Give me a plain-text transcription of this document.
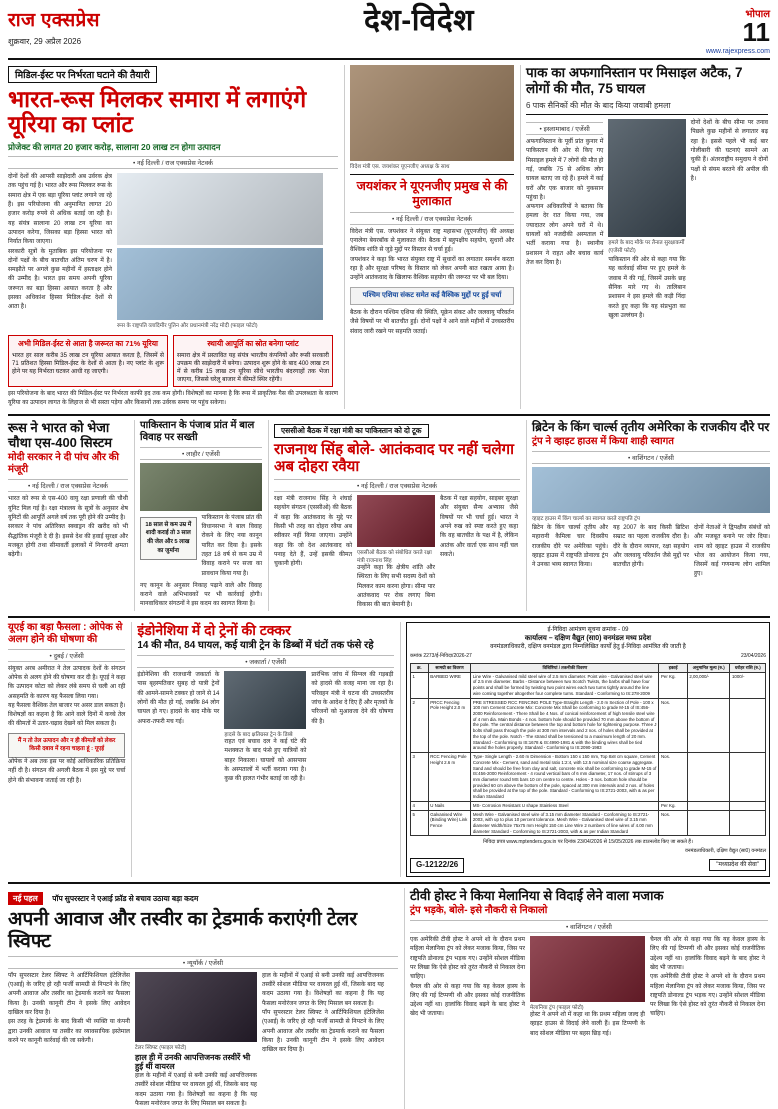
राज एक्सप्रेस
शुक्रवार, 29 अप्रैल 2026
देश-विदेश	भोपाल
11
www.rajexpress.com
मिडिल-ईस्ट पर निर्भरता घटाने की तैयारी
भारत-रूस मिलकर समारा में लगाएंगे यूरिया का प्लांट
प्रोजेक्ट की लागत 20 हजार करोड़, सालाना 20 लाख टन होगा उत्पादन
• नई दिल्ली / राज एक्सप्रेस नेटवर्क
दोनों देशों की आपसी साझेदारी अब उर्वरक क्षेत्र तक पहुंच गई है। भारत और रूस मिलकर रूस के समारा क्षेत्र में एक बड़ा यूरिया प्लांट लगाने जा रहे हैं। इस परियोजना की अनुमानित लागत 20 हजार करोड़ रुपये से अधिक बताई जा रही है। यह संयंत्र सालाना 20 लाख टन यूरिया का उत्पादन करेगा, जिसका बड़ा हिस्सा भारत को निर्यात किया जाएगा।
सरकारी सूत्रों के मुताबिक इस परियोजना पर दोनों पक्षों के बीच बातचीत अंतिम चरण में है। समझौते पर अगले कुछ महीनों में हस्ताक्षर होने की उम्मीद है। भारत इस समय अपनी यूरिया जरूरत का बड़ा हिस्सा आयात करता है और इसका अधिकांश हिस्सा मिडिल-ईस्ट देशों से आता है।
रूस के राष्ट्रपति व्लादिमीर पुतिन और प्रधानमंत्री नरेंद्र मोदी (फाइल फोटो)
अभी मिडिल-ईस्ट से आता है जरूरत का 71% यूरिया
भारत हर साल करीब 35 लाख टन यूरिया आयात करता है, जिसमें से 71 प्रतिशत हिस्सा मिडिल-ईस्ट के देशों से आता है। नए प्लांट के शुरू होने पर यह निर्भरता घटकर आधी रह जाएगी।
स्थायी आपूर्ति का स्रोत बनेगा प्लांट
समारा क्षेत्र में प्रस्तावित यह संयंत्र भारतीय कंपनियों और रूसी सरकारी उपक्रम की साझेदारी में बनेगा। उत्पादन शुरू होने के बाद 400 लाख टन में से करीब 15 लाख टन यूरिया सीधे भारतीय बंदरगाहों तक भेजा जाएगा, जिससे घरेलू बाजार में कीमतें स्थिर रहेंगी।
इस परियोजना के बाद भारत की मिडिल-ईस्ट पर निर्भरता काफी हद तक कम होगी। विशेषज्ञों का मानना है कि रूस में प्राकृतिक गैस की उपलब्धता के कारण यूरिया का उत्पादन लागत के लिहाज से भी सस्ता पड़ेगा और किसानों तक उर्वरक समय पर पहुंच सकेगा।
विदेश मंत्री एस. जयशंकर यूएनजीए अध्यक्ष के साथ
जयशंकर ने यूएनजीए प्रमुख से की मुलाकात
• नई दिल्ली / राज एक्सप्रेस नेटवर्क
विदेश मंत्री एस. जयशंकर ने संयुक्त राष्ट्र महासभा (यूएनजीए) की अध्यक्ष एनालेना बेयरबॉक से मुलाकात की। बैठक में बहुपक्षीय सहयोग, सुधारों और वैश्विक शांति से जुड़े मुद्दों पर विस्तार से चर्चा हुई।
जयशंकर ने कहा कि भारत संयुक्त राष्ट्र में सुधारों का लगातार समर्थन करता रहा है और सुरक्षा परिषद के विस्तार को लेकर अपनी बात रखता आया है। उन्होंने आतंकवाद के खिलाफ वैश्विक सहयोग की जरूरत पर भी बल दिया।
पश्चिम एशिया संकट समेत कई वैश्विक मुद्दों पर हुई चर्चा
बैठक के दौरान पश्चिम एशिया की स्थिति, यूक्रेन संकट और जलवायु परिवर्तन जैसे विषयों पर भी बातचीत हुई। दोनों पक्षों ने आने वाले महीनों में उच्चस्तरीय संवाद जारी रखने पर सहमति जताई।
पाक का अफगानिस्तान पर मिसाइल अटैक, 7 लोगों की मौत, 75 घायल
6 पाक सैनिकों की मौत के बाद किया जवाबी हमला
• इस्लामाबाद / एजेंसी
अफगानिस्तान के पूर्वी प्रांत कुनार में पाकिस्तान की ओर से किए गए मिसाइल हमले में 7 लोगों की मौत हो गई, जबकि 75 से अधिक लोग घायल बताए जा रहे हैं। हमले में कई घरों और एक बाजार को नुकसान पहुंचा है।
अफगान अधिकारियों ने बताया कि हमला देर रात किया गया, जब ज्यादातर लोग अपने घरों में थे। घायलों को नजदीकी अस्पताल में भर्ती कराया गया है। स्थानीय प्रशासन ने राहत और बचाव कार्य तेज कर दिया है।
हमले के बाद मौके पर तैनात सुरक्षाकर्मी (एजेंसी फोटो)
पाकिस्तान की ओर से कहा गया कि यह कार्रवाई सीमा पर हुए हमले के जवाब में की गई, जिसमें उसके छह सैनिक मारे गए थे। तालिबान प्रशासन ने इस हमले की कड़ी निंदा करते हुए कहा कि यह संप्रभुता का खुला उल्लंघन है।
दोनों देशों के बीच सीमा पर तनाव पिछले कुछ महीनों से लगातार बढ़ रहा है। इससे पहले भी कई बार गोलीबारी की घटनाएं सामने आ चुकी हैं। अंतरराष्ट्रीय समुदाय ने दोनों पक्षों से संयम बरतने की अपील की है।
रूस ने भारत को भेजा चौथा एस-400 सिस्टम
मोदी सरकार ने दी पांच और की मंजूरी
• नई दिल्ली / राज एक्सप्रेस नेटवर्क
भारत को रूस से एस-400 वायु रक्षा प्रणाली की चौथी यूनिट मिल गई है। रक्षा मंत्रालय के सूत्रों के अनुसार शेष यूनिटों की आपूर्ति अगले वर्ष तक पूरी होने की उम्मीद है।
सरकार ने पांच अतिरिक्त स्क्वाड्रन की खरीद को भी सैद्धांतिक मंजूरी दे दी है। इससे देश की हवाई सुरक्षा और मजबूत होगी तथा सीमावर्ती इलाकों में निगरानी क्षमता बढ़ेगी।
पाकिस्तान के पंजाब प्रांत में बाल विवाह पर सख्ती
• लाहौर / एजेंसी
18 साल से कम उम्र में शादी कराई तो 3 साल की जेल और 5 लाख का जुर्माना
पाकिस्तान के पंजाब प्रांत की विधानसभा ने बाल विवाह रोकने के लिए नया कानून पारित कर दिया है। इसके तहत 18 वर्ष से कम उम्र में विवाह कराने पर सजा का प्रावधान किया गया है।
नए कानून के अनुसार निकाह पढ़ाने वाले और विवाह कराने वाले अभिभावकों पर भी कार्रवाई होगी। मानवाधिकार संगठनों ने इस कदम का स्वागत किया है।
एससीओ बैठक में रक्षा मंत्री का पाकिस्तान को दो टूक
राजनाथ सिंह बोले- आतंकवाद पर नहीं चलेगा अब दोहरा रवैया
• नई दिल्ली / राज एक्सप्रेस नेटवर्क
रक्षा मंत्री राजनाथ सिंह ने शंघाई सहयोग संगठन (एससीओ) की बैठक में कहा कि आतंकवाद के मुद्दे पर किसी भी तरह का दोहरा रवैया अब स्वीकार नहीं किया जाएगा। उन्होंने कहा कि जो देश आतंकवाद को पनाह देते हैं, उन्हें इसकी कीमत चुकानी होगी।
एससीओ बैठक को संबोधित करते रक्षा मंत्री राजनाथ सिंह
उन्होंने कहा कि क्षेत्रीय शांति और स्थिरता के लिए सभी सदस्य देशों को मिलकर काम करना होगा। सीमा पार आतंकवाद पर रोक लगाए बिना विकास की बात बेमानी है।
बैठक में रक्षा सहयोग, साइबर सुरक्षा और संयुक्त सैन्य अभ्यास जैसे विषयों पर भी चर्चा हुई। भारत ने अपने रुख को स्पष्ट करते हुए कहा कि वह बातचीत के पक्ष में है, लेकिन आतंक और वार्ता एक साथ नहीं चल सकते।
ब्रिटेन के किंग चार्ल्स तृतीय अमेरिका के राजकीय दौरे पर
ट्रंप ने व्हाइट हाउस में किया शाही स्वागत
• वाशिंगटन / एजेंसी
व्हाइट हाउस में किंग चार्ल्स का स्वागत करते राष्ट्रपति ट्रंप
ब्रिटेन के किंग चार्ल्स तृतीय और महारानी कैमिला चार दिवसीय राजकीय दौरे पर अमेरिका पहुंचे। व्हाइट हाउस में राष्ट्रपति डोनाल्ड ट्रंप ने उनका भव्य स्वागत किया।
यह 2007 के बाद किसी ब्रिटिश सम्राट का पहला राजकीय दौरा है। दौरे के दौरान व्यापार, रक्षा सहयोग और जलवायु परिवर्तन जैसे मुद्दों पर बातचीत होगी।
दोनों नेताओं ने द्विपक्षीय संबंधों को और मजबूत बनाने पर जोर दिया। शाम को व्हाइट हाउस में राजकीय भोज का आयोजन किया गया, जिसमें कई गणमान्य लोग शामिल हुए।
यूएई का बड़ा फैसला : ओपेक से अलग होने की घोषणा की
• दुबई / एजेंसी
संयुक्त अरब अमीरात ने तेल उत्पादक देशों के संगठन ओपेक से अलग होने की घोषणा कर दी है। यूएई ने कहा कि उत्पादन कोटा को लेकर लंबे समय से चली आ रही असहमति के कारण यह फैसला लिया गया।
यह फैसला वैश्विक तेल बाजार पर असर डाल सकता है। विशेषज्ञों का कहना है कि आने वाले दिनों में कच्चे तेल की कीमतों में उतार-चढ़ाव देखने को मिल सकता है।
मैं न तो तेल उत्पादन और न ही कीमतों को लेकर किसी दबाव में रहना चाहता हूं : यूएई
ओपेक ने अब तक इस पर कोई आधिकारिक प्रतिक्रिया नहीं दी है। संगठन की अगली बैठक में इस मुद्दे पर चर्चा होने की संभावना जताई जा रही है।
इंडोनेशिया में दो ट्रेनों की टक्कर
14 की मौत, 84 घायल, कई यात्री ट्रेन के डिब्बों में घंटों तक फंसे रहे
• जकार्ता / एजेंसी
इंडोनेशिया की राजधानी जकार्ता के पास बृहस्पतिवार सुबह दो यात्री ट्रेनों की आमने-सामने टक्कर हो जाने से 14 लोगों की मौत हो गई, जबकि 84 लोग घायल हो गए। हादसे के बाद मौके पर अफरा-तफरी मच गई।
हादसे के बाद क्षतिग्रस्त ट्रेन के डिब्बे
राहत एवं बचाव दल ने कई घंटे की मशक्कत के बाद फंसे हुए यात्रियों को बाहर निकाला। घायलों को आसपास के अस्पतालों में भर्ती कराया गया है। कुछ की हालत गंभीर बताई जा रही है।
प्रारंभिक जांच में सिग्नल की गड़बड़ी को हादसे की वजह माना जा रहा है। परिवहन मंत्री ने घटना की उच्चस्तरीय जांच के आदेश दे दिए हैं और मृतकों के परिजनों को मुआवजा देने की घोषणा की है।
ई-निविदा आमंत्रण सूचना क्रमांक - 09
कार्यालय – दक्षिण वैद्युत (सा0) वनमंडल मध्य प्रदेश
वनमंडलाधिकारी, दक्षिण वनमंडल द्वारा निम्नलिखित कार्यों हेतु ई-निविदा आमंत्रित की जाती है
कमांक 2273/ई-निविदा/2026-27	23/04/2026
क्र.	सामग्री का विवरण	विशिष्टियां / तकनीकी विवरण	इकाई	अनुमानित मूल्य (रु.)	धरोहर राशि (रु.)
1	BARBED WIRE	Line Wire - Galvanised mild steel wire of 2.5 mm diameter. Point wire - Galvanised steel wire of 2.5 mm diameter. Barbs - Distance between two Scotch Twists, the barbs shall have four points and shall be formed by twisting two point wires each two turns tightly around the line wire coming together altogether four complete turns. Standard - Conforming to IS:278-2009	Per Kg.	2,00,000/-	1000/-
2	PRCC Fencing Pole Height 2.0 m	PRE STRESSED RCC FENCING POLE Type-Straight Length - 2.0 m Section of Pole - 100 x 100 mm Cement Concrete Mix: Concrete Mix Shall be conforming to grade M-15 of IS:456-2000 Reinforcement - There Shall be 4 Nos. of conical reinforcement of high tensile steel wire of 4 mm dia. Main Bonds - 4 nos. bottom hole should be provided 70 mm above the bottom of the pole. The central distance between the top and bottom hole for tightening purpose. Three J bolts shall pass through the pole at 300 mm intervals and 2 nos. of holes shall be provided at the top of the pole. Notch - The strand shall be tensioned to a maximum length of 20 mm. Standard - Conforming to IS:1678 & IS:4990-1981 & with the binding wires shall be tied around the holes properly. Standard - Conforming to IS:2090-1983	Nos.		
3	RCC Fencing Pole Height 2.6 m	Type- Single Length - 2.60 m Dimension - Bottom 150 x 150 mm, Top 8x8 cm square, Cement Concrete Mix - Cement, sand and metal ratio 1:2:4, with 12.5 nominal size coarse aggregate. Sand and should be free from clay and salt, concrete mix shall be conforming to grade M-15 of IS:456-2000 Reinforcement - 4 round vertical bars of 6 mm diameter, 17 nos. of stirrups of 3 mm diameter round MS bars 10 cm centre to centre. Holes - 3 nos. bottom hole should be provided 60 cm above the bottom of the pole, spaced at 300 mm intervals and 2 nos. of holes shall be provided at the top of the pole. Standard - Conforming to IS:2721-2003, with & as per Indian Standard	Nos.		
4	U Nails	MS- Corrosion Resistant U shape Stainless Steel	Per Kg.		
5	Galvanised Wire (Binding Wire) Link Fence	Mesh Wire - Galvanised steel wire of 3.15 mm diameter Standard - Conforming to IS:2721-2003, with up to plus 10 percent tolerance. Mesh Wire - Galvanised steel wire of 3.15 mm diameter Width/Size 75x75 mm Height 150 cm Line Wire 2 numbers of line wires of 4.00 mm diameter Standard - Conforming to IS:2721-2003, with & as per Indian Standard	Nos.		
निविदा प्रपत्र www.mptenders.gov.in पर दिनांक 23/04/2026 से 15/05/2026 तक डाउनलोड किए जा सकते हैं।
वनमंडलाधिकारी, दक्षिण वैद्युत (सा0) वनमंडल
G-12122/26	"मध्यप्रदेश की सेवा"
नई पहल पॉप सुपरस्टार ने एआई फ्रॉड से बचाव उठाया बड़ा कदम
अपनी आवाज और तस्वीर का ट्रेडमार्क कराएंगी टेलर स्विफ्ट
• न्यूयॉर्क / एजेंसी
पॉप सुपरस्टार टेलर स्विफ्ट ने आर्टिफिशियल इंटेलिजेंस (एआई) के जरिए हो रही फर्जी सामग्री से निपटने के लिए अपनी आवाज और तस्वीर का ट्रेडमार्क कराने का फैसला किया है। उनकी कानूनी टीम ने इसके लिए आवेदन दाखिल कर दिया है।
इस तरह के ट्रेडमार्क के बाद किसी भी व्यक्ति या कंपनी द्वारा उनकी आवाज या तस्वीर का व्यावसायिक इस्तेमाल करने पर कानूनी कार्रवाई की जा सकेगी।
टेलर स्विफ्ट (फाइल फोटो)
हाल ही में उनकी आपत्तिजनक तस्वीरें भी हुई थीं वायरल
हाल के महीनों में एआई से बनी उनकी कई आपत्तिजनक तस्वीरें सोशल मीडिया पर वायरल हुई थीं, जिसके बाद यह कदम उठाया गया है। विशेषज्ञों का कहना है कि यह फैसला मनोरंजन जगत के लिए मिसाल बन सकता है।
हाल के महीनों में एआई से बनी उनकी कई आपत्तिजनक तस्वीरें सोशल मीडिया पर वायरल हुई थीं, जिसके बाद यह कदम उठाया गया है। विशेषज्ञों का कहना है कि यह फैसला मनोरंजन जगत के लिए मिसाल बन सकता है।
पॉप सुपरस्टार टेलर स्विफ्ट ने आर्टिफिशियल इंटेलिजेंस (एआई) के जरिए हो रही फर्जी सामग्री से निपटने के लिए अपनी आवाज और तस्वीर का ट्रेडमार्क कराने का फैसला किया है। उनकी कानूनी टीम ने इसके लिए आवेदन दाखिल कर दिया है।
टीवी होस्ट ने किया मेलानिया से विदाई लेने वाला मजाक
ट्रंप भड़के, बोले- इसे नौकरी से निकालो
• वाशिंगटन / एजेंसी
एक अमेरिकी टीवी होस्ट ने अपने शो के दौरान प्रथम महिला मेलानिया ट्रंप को लेकर मजाक किया, जिस पर राष्ट्रपति डोनाल्ड ट्रंप भड़क गए। उन्होंने सोशल मीडिया पर लिखा कि ऐसे होस्ट को तुरंत नौकरी से निकाल देना चाहिए।
चैनल की ओर से कहा गया कि यह केवल हास्य के लिए की गई टिप्पणी थी और इसका कोई राजनीतिक उद्देश्य नहीं था। हालांकि विवाद बढ़ने के बाद होस्ट ने खेद भी जताया।
मेलानिया ट्रंप (फाइल फोटो)
होस्ट ने अपने शो में कहा था कि प्रथम महिला जल्द ही व्हाइट हाउस से विदाई लेने वाली हैं। इस टिप्पणी के बाद सोशल मीडिया पर बहस छिड़ गई।
चैनल की ओर से कहा गया कि यह केवल हास्य के लिए की गई टिप्पणी थी और इसका कोई राजनीतिक उद्देश्य नहीं था। हालांकि विवाद बढ़ने के बाद होस्ट ने खेद भी जताया।
एक अमेरिकी टीवी होस्ट ने अपने शो के दौरान प्रथम महिला मेलानिया ट्रंप को लेकर मजाक किया, जिस पर राष्ट्रपति डोनाल्ड ट्रंप भड़क गए। उन्होंने सोशल मीडिया पर लिखा कि ऐसे होस्ट को तुरंत नौकरी से निकाल देना चाहिए।
